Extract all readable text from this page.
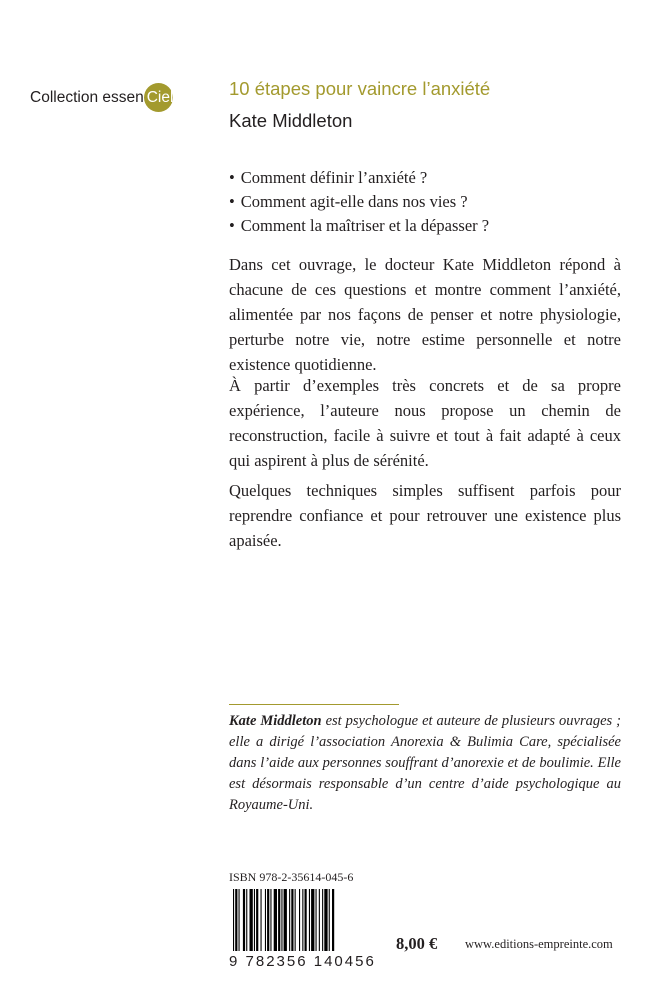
Collection essen Ciel	10 étapes pour vaincre l’anxiété
Kate Middleton
• Comment définir l’anxiété ?
• Comment agit-elle dans nos vies ?
• Comment la maîtriser et la dépasser ?
Dans cet ouvrage, le docteur Kate Middleton répond à chacune de ces questions et montre comment l’anxiété, alimentée par nos façons de penser et notre physiologie, perturbe notre vie, notre estime personnelle et notre existence quotidienne.
À partir d’exemples très concrets et de sa propre expérience, l’auteure nous propose un chemin de reconstruction, facile à suivre et tout à fait adapté à ceux qui aspirent à plus de sérénité.
Quelques techniques simples suffisent parfois pour reprendre confiance et pour retrouver une existence plus apaisée.
Kate Middleton est psychologue et auteure de plusieurs ouvrages ; elle a dirigé l’association Anorexia & Bulimia Care, spécialisée dans l’aide aux personnes souffrant d’anorexie et de boulimie. Elle est désormais responsable d’un centre d’aide psychologique au Royaume-Uni.
ISBN 978-2-35614-045-6
9 782356 140456
8,00 € www.editions-empreinte.com
